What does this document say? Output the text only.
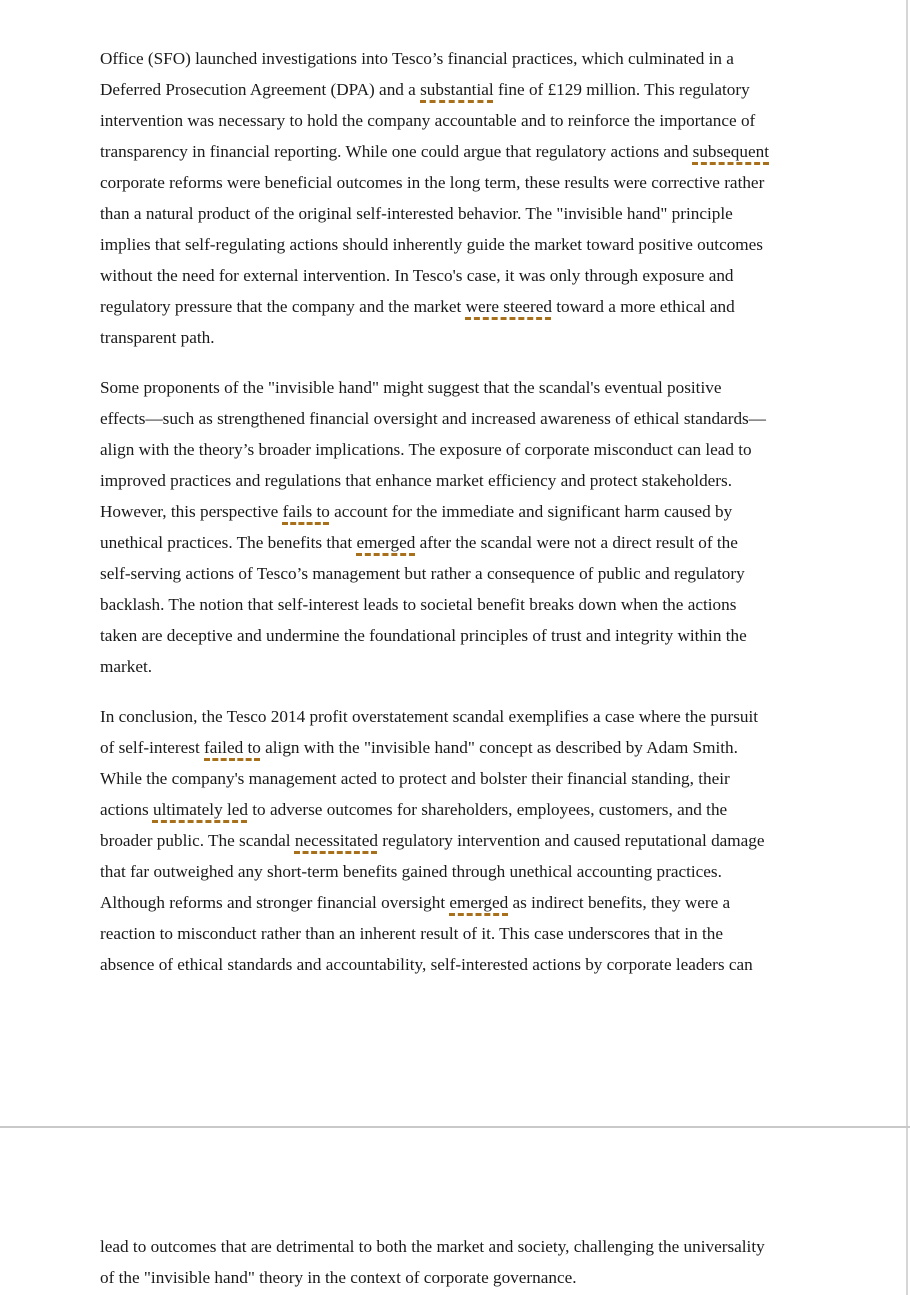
Office (SFO) launched investigations into Tesco’s financial practices, which culminated in a
Deferred Prosecution Agreement (DPA) and a substantial fine of £129 million. This regulatory
intervention was necessary to hold the company accountable and to reinforce the importance of
transparency in financial reporting. While one could argue that regulatory actions and subsequent
corporate reforms were beneficial outcomes in the long term, these results were corrective rather
than a natural product of the original self-interested behavior. The "invisible hand" principle
implies that self-regulating actions should inherently guide the market toward positive outcomes
without the need for external intervention. In Tesco's case, it was only through exposure and
regulatory pressure that the company and the market were steered toward a more ethical and
transparent path.
Some proponents of the "invisible hand" might suggest that the scandal's eventual positive
effects—such as strengthened financial oversight and increased awareness of ethical standards—
align with the theory’s broader implications. The exposure of corporate misconduct can lead to
improved practices and regulations that enhance market efficiency and protect stakeholders.
However, this perspective fails to account for the immediate and significant harm caused by
unethical practices. The benefits that emerged after the scandal were not a direct result of the
self-serving actions of Tesco’s management but rather a consequence of public and regulatory
backlash. The notion that self-interest leads to societal benefit breaks down when the actions
taken are deceptive and undermine the foundational principles of trust and integrity within the
market.
In conclusion, the Tesco 2014 profit overstatement scandal exemplifies a case where the pursuit
of self-interest failed to align with the "invisible hand" concept as described by Adam Smith.
While the company's management acted to protect and bolster their financial standing, their
actions ultimately led to adverse outcomes for shareholders, employees, customers, and the
broader public. The scandal necessitated regulatory intervention and caused reputational damage
that far outweighed any short-term benefits gained through unethical accounting practices.
Although reforms and stronger financial oversight emerged as indirect benefits, they were a
reaction to misconduct rather than an inherent result of it. This case underscores that in the
absence of ethical standards and accountability, self-interested actions by corporate leaders can
lead to outcomes that are detrimental to both the market and society, challenging the universality
of the "invisible hand" theory in the context of corporate governance.
